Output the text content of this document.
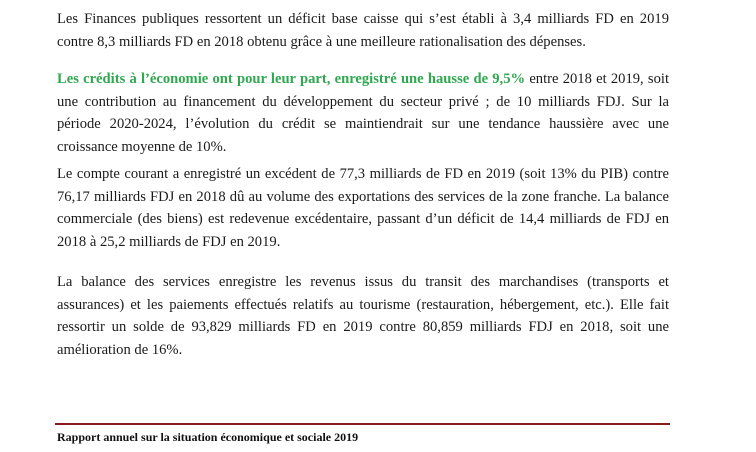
Les Finances publiques ressortent un déficit base caisse qui s’est établi à 3,4 milliards FD en 2019 contre 8,3 milliards FD en 2018 obtenu grâce à une meilleure rationalisation des dépenses.

Les crédits à l’économie ont pour leur part, enregistré une hausse de 9,5% entre 2018 et 2019, soit une contribution au financement du développement du secteur privé ; de 10 milliards FDJ. Sur la période 2020-2024, l’évolution du crédit se maintiendrait sur une tendance haussière avec une croissance moyenne de 10%.

Le compte courant a enregistré un excédent de 77,3 milliards de FD en 2019 (soit 13% du PIB) contre 76,17 milliards FDJ en 2018 dû au volume des exportations des services de la zone franche. La balance commerciale (des biens) est redevenue excédentaire, passant d’un déficit de 14,4 milliards de FDJ en 2018 à 25,2 milliards de FDJ en 2019.

La balance des services enregistre les revenus issus du transit des marchandises (transports et assurances) et les paiements effectués relatifs au tourisme (restauration, hébergement, etc.). Elle fait ressortir un solde de 93,829 milliards FD en 2019 contre 80,859 milliards FDJ en 2018, soit une amélioration de 16%.

Rapport annuel sur la situation économique et sociale 2019
